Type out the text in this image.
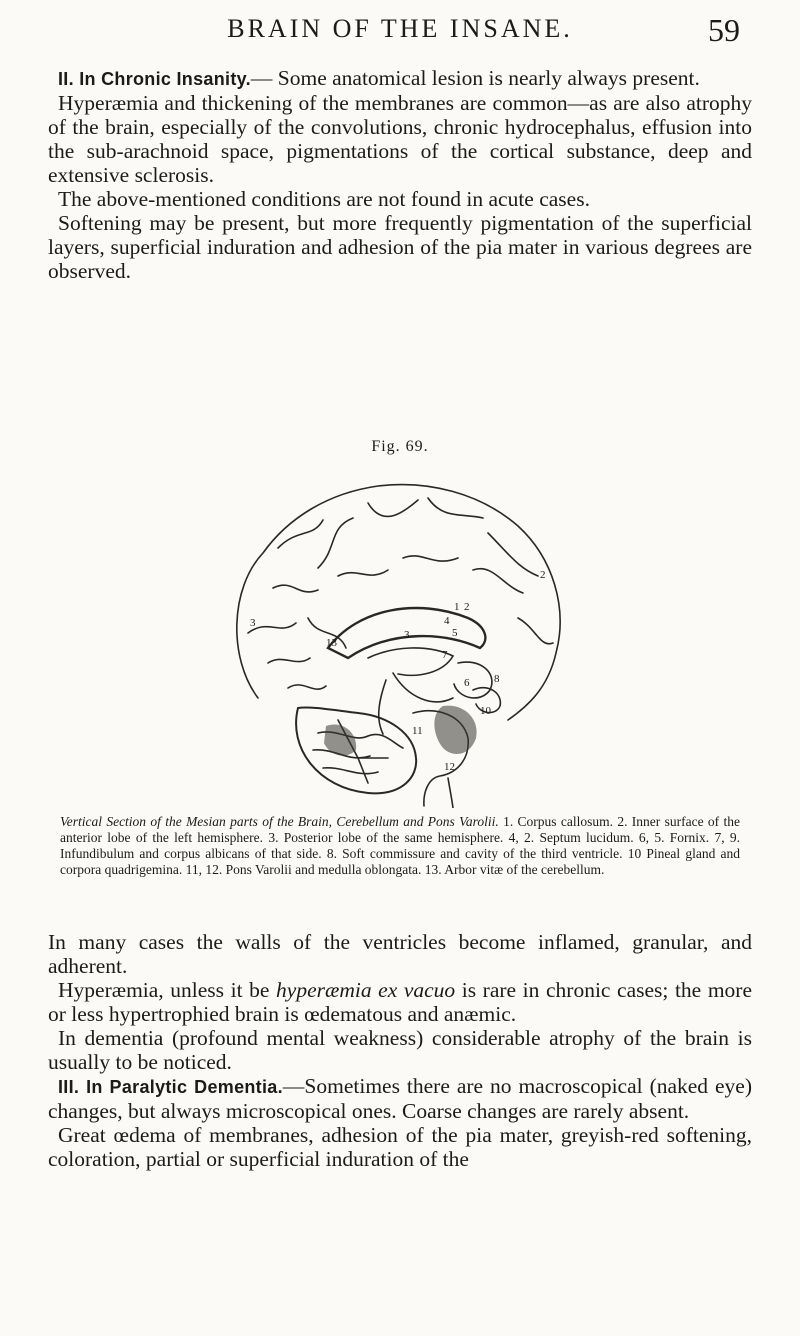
BRAIN OF THE INSANE.	59

II. In Chronic Insanity.— Some anatomical lesion is nearly always present.

Hyperæmia and thickening of the membranes are common—as are also atrophy of the brain, especially of the convolutions, chronic hydrocephalus, effusion into the sub-arachnoid space, pigmentations of the cortical substance, deep and extensive sclerosis.

The above-mentioned conditions are not found in acute cases.

Softening may be present, but more frequently pigmentation of the superficial layers, superficial induration and adhesion of the pia mater in various degrees are observed.

Fig. 69.
1 2
2
3
3
4
5
6
7
8
10
11
12
13
Vertical Section of the Mesian parts of the Brain, Cerebellum and Pons Varolii. 1. Corpus callosum. 2. Inner surface of the anterior lobe of the left hemisphere. 3. Posterior lobe of the same hemisphere. 4, 2. Septum lucidum. 6, 5. Fornix. 7, 9. Infundibulum and corpus albicans of that side. 8. Soft commissure and cavity of the third ventricle. 10 Pineal gland and corpora quadrigemina. 11, 12. Pons Varolii and medulla oblongata. 13. Arbor vitæ of the cerebellum.

In many cases the walls of the ventricles become inflamed, granular, and adherent.

Hyperæmia, unless it be hyperæmia ex vacuo is rare in chronic cases; the more or less hypertrophied brain is œdematous and anæmic.

In dementia (profound mental weakness) considerable atrophy of the brain is usually to be noticed.

III. In Paralytic Dementia.—Sometimes there are no macroscopical (naked eye) changes, but always microscopical ones. Coarse changes are rarely absent.

Great œdema of membranes, adhesion of the pia mater, greyish-red softening, coloration, partial or superficial induration of the
